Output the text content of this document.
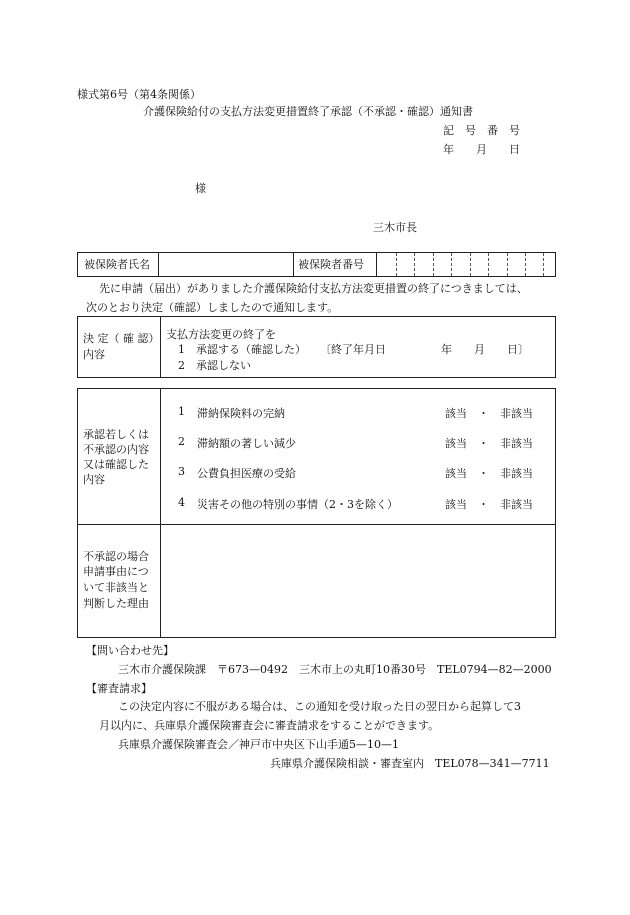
様式第6号（第4条関係）
介護保険給付の支払方法変更措置終了承認（不承認・確認）通知書
記　号　番　号
年　　月　　日
様
三木市長
被保険者氏名	被保険者番号
先に申請（届出）がありました介護保険給付支払方法変更措置の終了につきましては、
次のとおり決定（確認）しましたので通知します。
決 定（ 確 認）
内容
支払方法変更の終了を
1　承認する（確認した） 〔終了年月日　　　　　年　　月　　日〕
2　承認しない
承認若しくは
不承認の内容
又は確認した
内容
1 滞納保険料の完納	該当　・　非該当
2 滞納額の著しい減少	該当　・　非該当
3 公費負担医療の受給	該当　・　非該当
4 災害その他の特別の事情（2・3を除く）	該当　・　非該当
不承認の場合
申請事由につ
いて非該当と
判断した理由
【問い合わせ先】
三木市介護保険課　〒673—0492　三木市上の丸町10番30号　TEL0794—82—2000
【審査請求】
この決定内容に不服がある場合は、この通知を受け取った日の翌日から起算して3
月以内に、兵庫県介護保険審査会に審査請求をすることができます。
兵庫県介護保険審査会／神戸市中央区下山手通5—10—1
兵庫県介護保険相談・審査室内　TEL078—341—7711
